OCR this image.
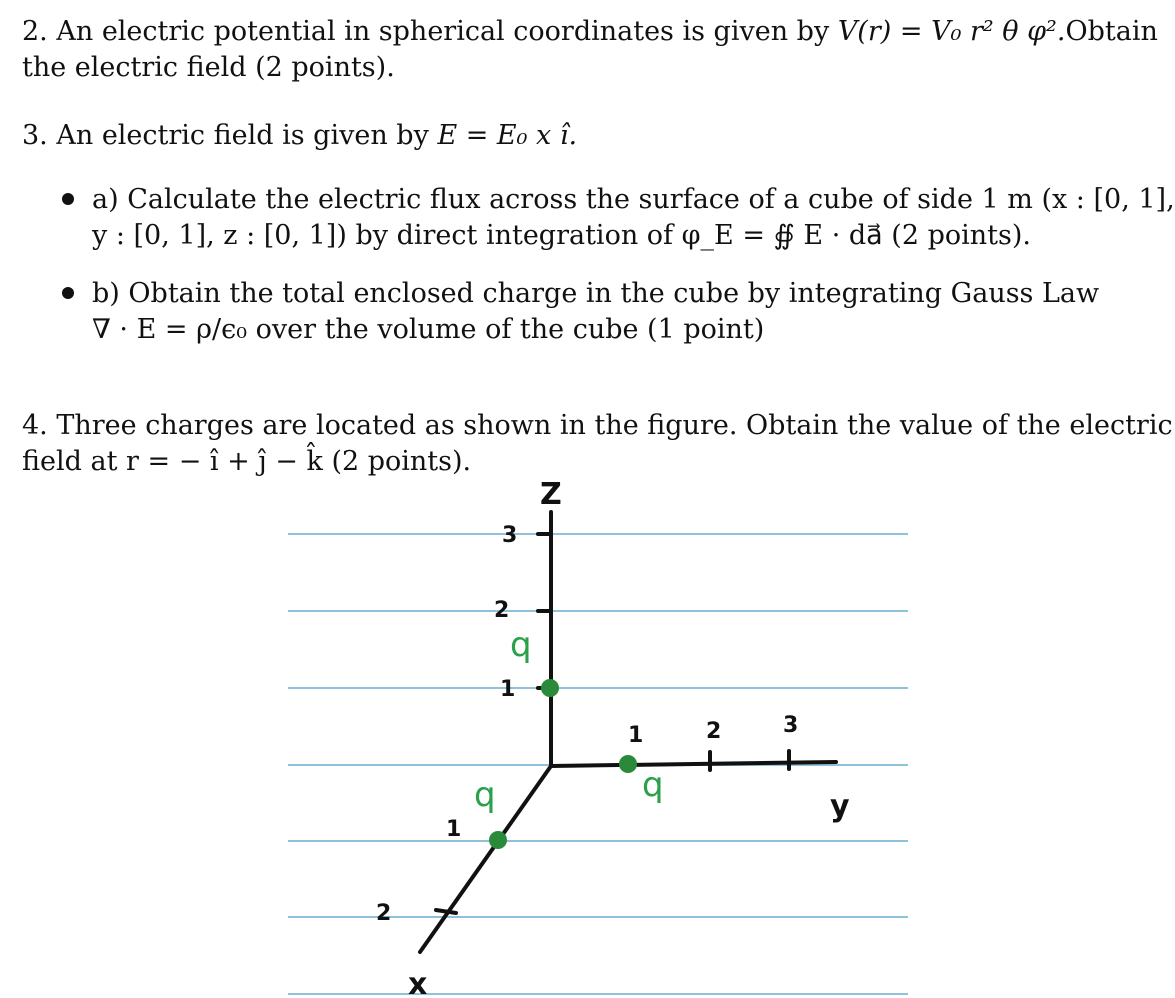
2. An electric potential in spherical coordinates is given by V(r) = V₀ r² θ φ². Obtain
the electric field (2 points).
3. An electric field is given by E = E₀ x î.
a) Calculate the electric flux across the surface of a cube of side 1 m (x : [0, 1],
y : [0, 1], z : [0, 1]) by direct integration of φ_E = ∯ E · da⃗ (2 points).
b) Obtain the total enclosed charge in the cube by integrating Gauss Law
∇ · E = ρ/ϵ₀ over the volume of the cube (1 point)
4. Three charges are located as shown in the figure. Obtain the value of the electric
field at r = − î + ĵ − k̂ (2 points).
3
2
1
1	2	3
1
2
Z
y
x
q
q
q
